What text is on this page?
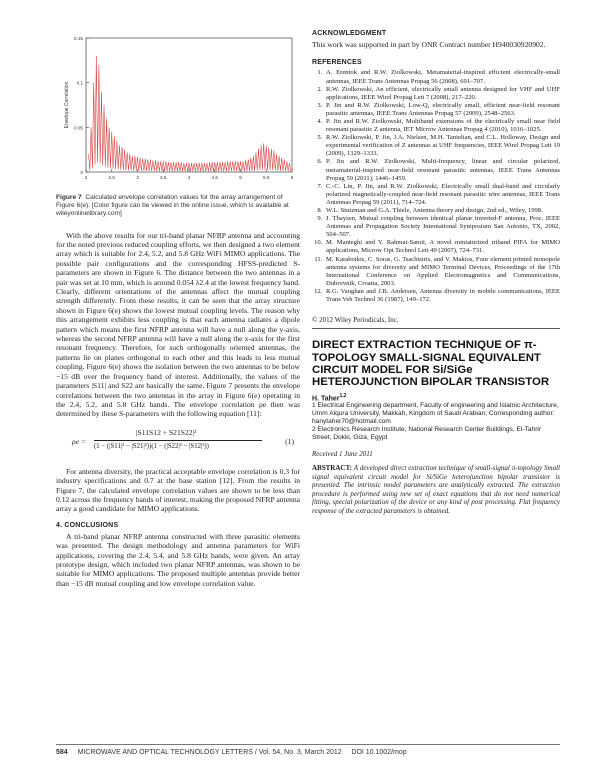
0.15
0.1
0.05
0
2	2.5	3	3.5	4	4.5	5	5.5	6
Envelope Correlation
Figure 7 Calculated envelope correlation values for the array arrangement of Figure 6(e). [Color figure can be viewed in the online issue, which is available at wileyonlinelibrary.com]

With the above results for our tri-band planar NFRP antenna and accounting for the noted previous reduced coupling efforts, we then designed a two element array which is suitable for 2.4, 5.2, and 5.8 GHz WiFi MIMO applications. The possible pair configurations and the corresponding HFSS-predicted S-parameters are shown in Figure 6. The distance between the two antennas in a pair was set at 10 mm, which is around 0.054 λ2.4 at the lowest frequency band. Clearly, different orientations of the antennas affect the mutual coupling strength differently. From these results, it can be seen that the array structure shown in Figure 6(e) shows the lowest mutual coupling levels. The reason why this arrangement exhibits less coupling is that each antenna radiates a dipole pattern which means the first NFRP antenna will have a null along the y-axis, whereas the second NFRP antenna will have a null along the x-axis for the first resonant frequency. Therefore, for such orthogonally oriented antennas, the patterns lie on planes orthogonal to each other and this leads to less mutual coupling. Figure 6(e) shows the isolation between the two antennas to be below −15 dB over the frequency band of interest. Additionally, the values of the parameters |S11| and S22 are basically the same. Figure 7 presents the envelope correlations between the two antennas in the array in Figure 6(e) operating in the 2.4, 5.2, and 5.8 GHz bands. The envelope correlation ρe then was determined by these S-parameters with the following equation [11]:

ρe =
|S11S12 + S21S22|²
(1 − (|S11|² − |S21|²))(1 − (|S22|² − |S12|²))
(1)

For antenna diversity, the practical acceptable envelope correlation is 0.3 for industry specifications and 0.7 at the base station [12]. From the results in Figure 7, the calculated envelope correlation values are shown to be less than 0.12 across the frequency bands of interest, making the proposed NFRP antenna array a good candidate for MIMO applications.

4. CONCLUSIONS

A tri-band planar NFRP antenna constructed with three parasitic elements was presented. The design methodology and antenna parameters for WiFi applications, covering the 2.4, 5.4, and 5.8 GHz bands, were given. An array prototype design, which included two planar NFRP antennas, was shown to be suitable for MIMO applications. The proposed multiple antennas provide better than −15 dB mutual coupling and low envelope correlation value.

ACKNOWLEDGMENT
This work was supported in part by ONR Contract number H940030920902.
REFERENCES
1. A. Erentok and R.W. Ziolkowski, Metamaterial-inspired efficient electrically-small antennas, IEEE Trans Antennas Propag 56 (2008), 691–707.
2. R.W. Ziolkowski, An efficient, electrically small antenna designed for VHF and UHF applications, IEEE Wirel Propag Lett 7 (2008), 217–220.
3. P. Jin and R.W. Ziolkowski, Low-Q, electrically small, efficient near-field resonant parasitic antennas, IEEE Trans Antennas Propag 57 (2009), 2548–2563.
4. P. Jin and R.W. Ziolkowski, Multiband extensions of the electrically small near field resonant parasitic Z antenna, IET Microw Antennas Propag 4 (2010), 1016–1025.
5. R.W. Ziolkowski, P. Jin, J.A. Nielsen, M.H. Tanielian, and C.L. Holloway, Design and experimental verification of Z antennas at UHF frequencies, IEEE Wirel Propag Lett 19 (2009), 1329–1333.
6. P. Jin and R.W. Ziolkowski, Multi-frequency, linear and circular polarized, metamaterial-inspired near-field resonant parasitic antennas, IEEE Trans Antennas Propag 59 (2011), 1446–1459.
7. C.-C. Lin, P. Jin, and R.W. Ziolkowski, Electrically small dual-band and circularly polarized magnetically-coupled near-field resonant parasitic wire antennas, IEEE Trans Antennas Propag 59 (2011), 714–724.
8. W.L. Stutzman and G.A. Thiele, Antenna theory and design, 2nd ed., Wiley, 1998.
9. J. Thaysen, Mutual coupling between identical planar inverted-F antenna, Proc. IEEE Antennas and Propagation Society International Symposium San Antonio, TX, 2002, 504–507.
10. M. Manteghi and Y. Rahmat-Samii, A novel miniaturized triband PIFA for MIMO applications, Microw Opt Technol Lett 49 (2007), 724–731.
11. M. Karaboikis, C. Soras, G. Tsachtsiris, and V. Makios, Four element printed monopole antenna systems for diversity and MIMO Terminal Devices, Proceedings of the 17th International Conference on Applied Electromagnetics and Communications, Dubrovnik, Croatia, 2003.
12. R.G. Vaughan and J.B. Andersen, Antenna diversity in mobile communications, IEEE Trans Veh Technol 36 (1987), 149–172.
© 2012 Wiley Periodicals, Inc.
DIRECT EXTRACTION TECHNIQUE OF π-TOPOLOGY SMALL-SIGNAL EQUIVALENT CIRCUIT MODEL FOR Si/SiGe HETEROJUNCTION BIPOLAR TRANSISTOR
H. Taher$^{1,2}$
1 Electrical Engineering department, Faculty of engineering and Islamic Architecture, Umm Alqura University, Makkah, Kingdom of Saudi Arabian; Corresponding author: hanytaher70@hotmail.com
2 Electronics Research Institute, National Research Center Buildings, El-Tahrir Street, Dokki, Giza, Egypt
Received 1 June 2011
ABSTRACT: A developed direct extraction technique of small-signal π-topology Small signal equivalent circuit model for Si/SiGe heterojunction bipolar transistor is presented. The intrinsic model parameters are analytically extracted. The extraction procedure is performed using new set of exact equations that do not need numerical fitting, special polarization of the device or any kind of post processing. Flat frequency response of the extracted parameters is obtained.
584 MICROWAVE AND OPTICAL TECHNOLOGY LETTERS / Vol. 54, No. 3, March 2012 DOI 10.1002/mop
